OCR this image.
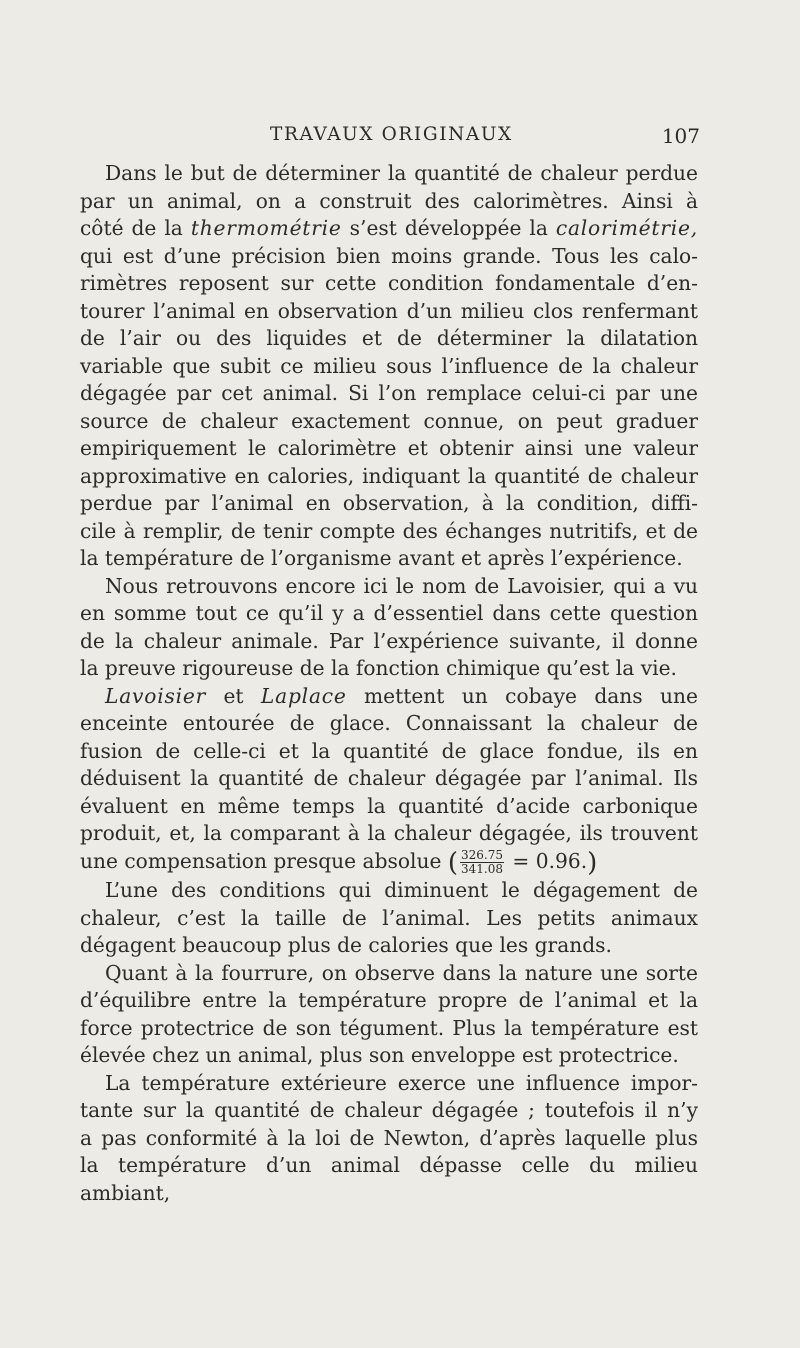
TRAVAUX ORIGINAUX	107
Dans le but de déterminer la quantité de chaleur perdue
par un animal, on a construit des calorimètres. Ainsi à
côté de la thermométrie s’est développée la calorimétrie,
qui est d’une précision bien moins grande. Tous les calo-
rimètres reposent sur cette condition fondamentale d’en-
tourer l’animal en observation d’un milieu clos renfermant
de l’air ou des liquides et de déterminer la dilatation
variable que subit ce milieu sous l’influence de la chaleur
dégagée par cet animal. Si l’on remplace celui-ci par une
source de chaleur exactement connue, on peut graduer
empiriquement le calorimètre et obtenir ainsi une valeur
approximative en calories, indiquant la quantité de chaleur
perdue par l’animal en observation, à la condition, diffi-
cile à remplir, de tenir compte des échanges nutritifs, et de
la température de l’organisme avant et après l’expérience.
Nous retrouvons encore ici le nom de Lavoisier, qui a vu
en somme tout ce qu’il y a d’essentiel dans cette question
de la chaleur animale. Par l’expérience suivante, il donne
la preuve rigoureuse de la fonction chimique qu’est la vie.
Lavoisier et Laplace mettent un cobaye dans une
enceinte entourée de glace. Connaissant la chaleur de
fusion de celle-ci et la quantité de glace fondue, ils en
déduisent la quantité de chaleur dégagée par l’animal. Ils
évaluent en même temps la quantité d’acide carbonique
produit, et, la comparant à la chaleur dégagée, ils trouvent
une compensation presque absolue ( $\frac{326.75}{341.08} = 0.96$.)
L’une des conditions qui diminuent le dégagement de
chaleur, c’est la taille de l’animal. Les petits animaux
dégagent beaucoup plus de calories que les grands.
Quant à la fourrure, on observe dans la nature une sorte
d’équilibre entre la température propre de l’animal et la
force protectrice de son tégument. Plus la température est
élevée chez un animal, plus son enveloppe est protectrice.
La température extérieure exerce une influence impor-
tante sur la quantité de chaleur dégagée ; toutefois il n’y
a pas conformité à la loi de Newton, d’après laquelle plus
la température d’un animal dépasse celle du milieu ambiant,
